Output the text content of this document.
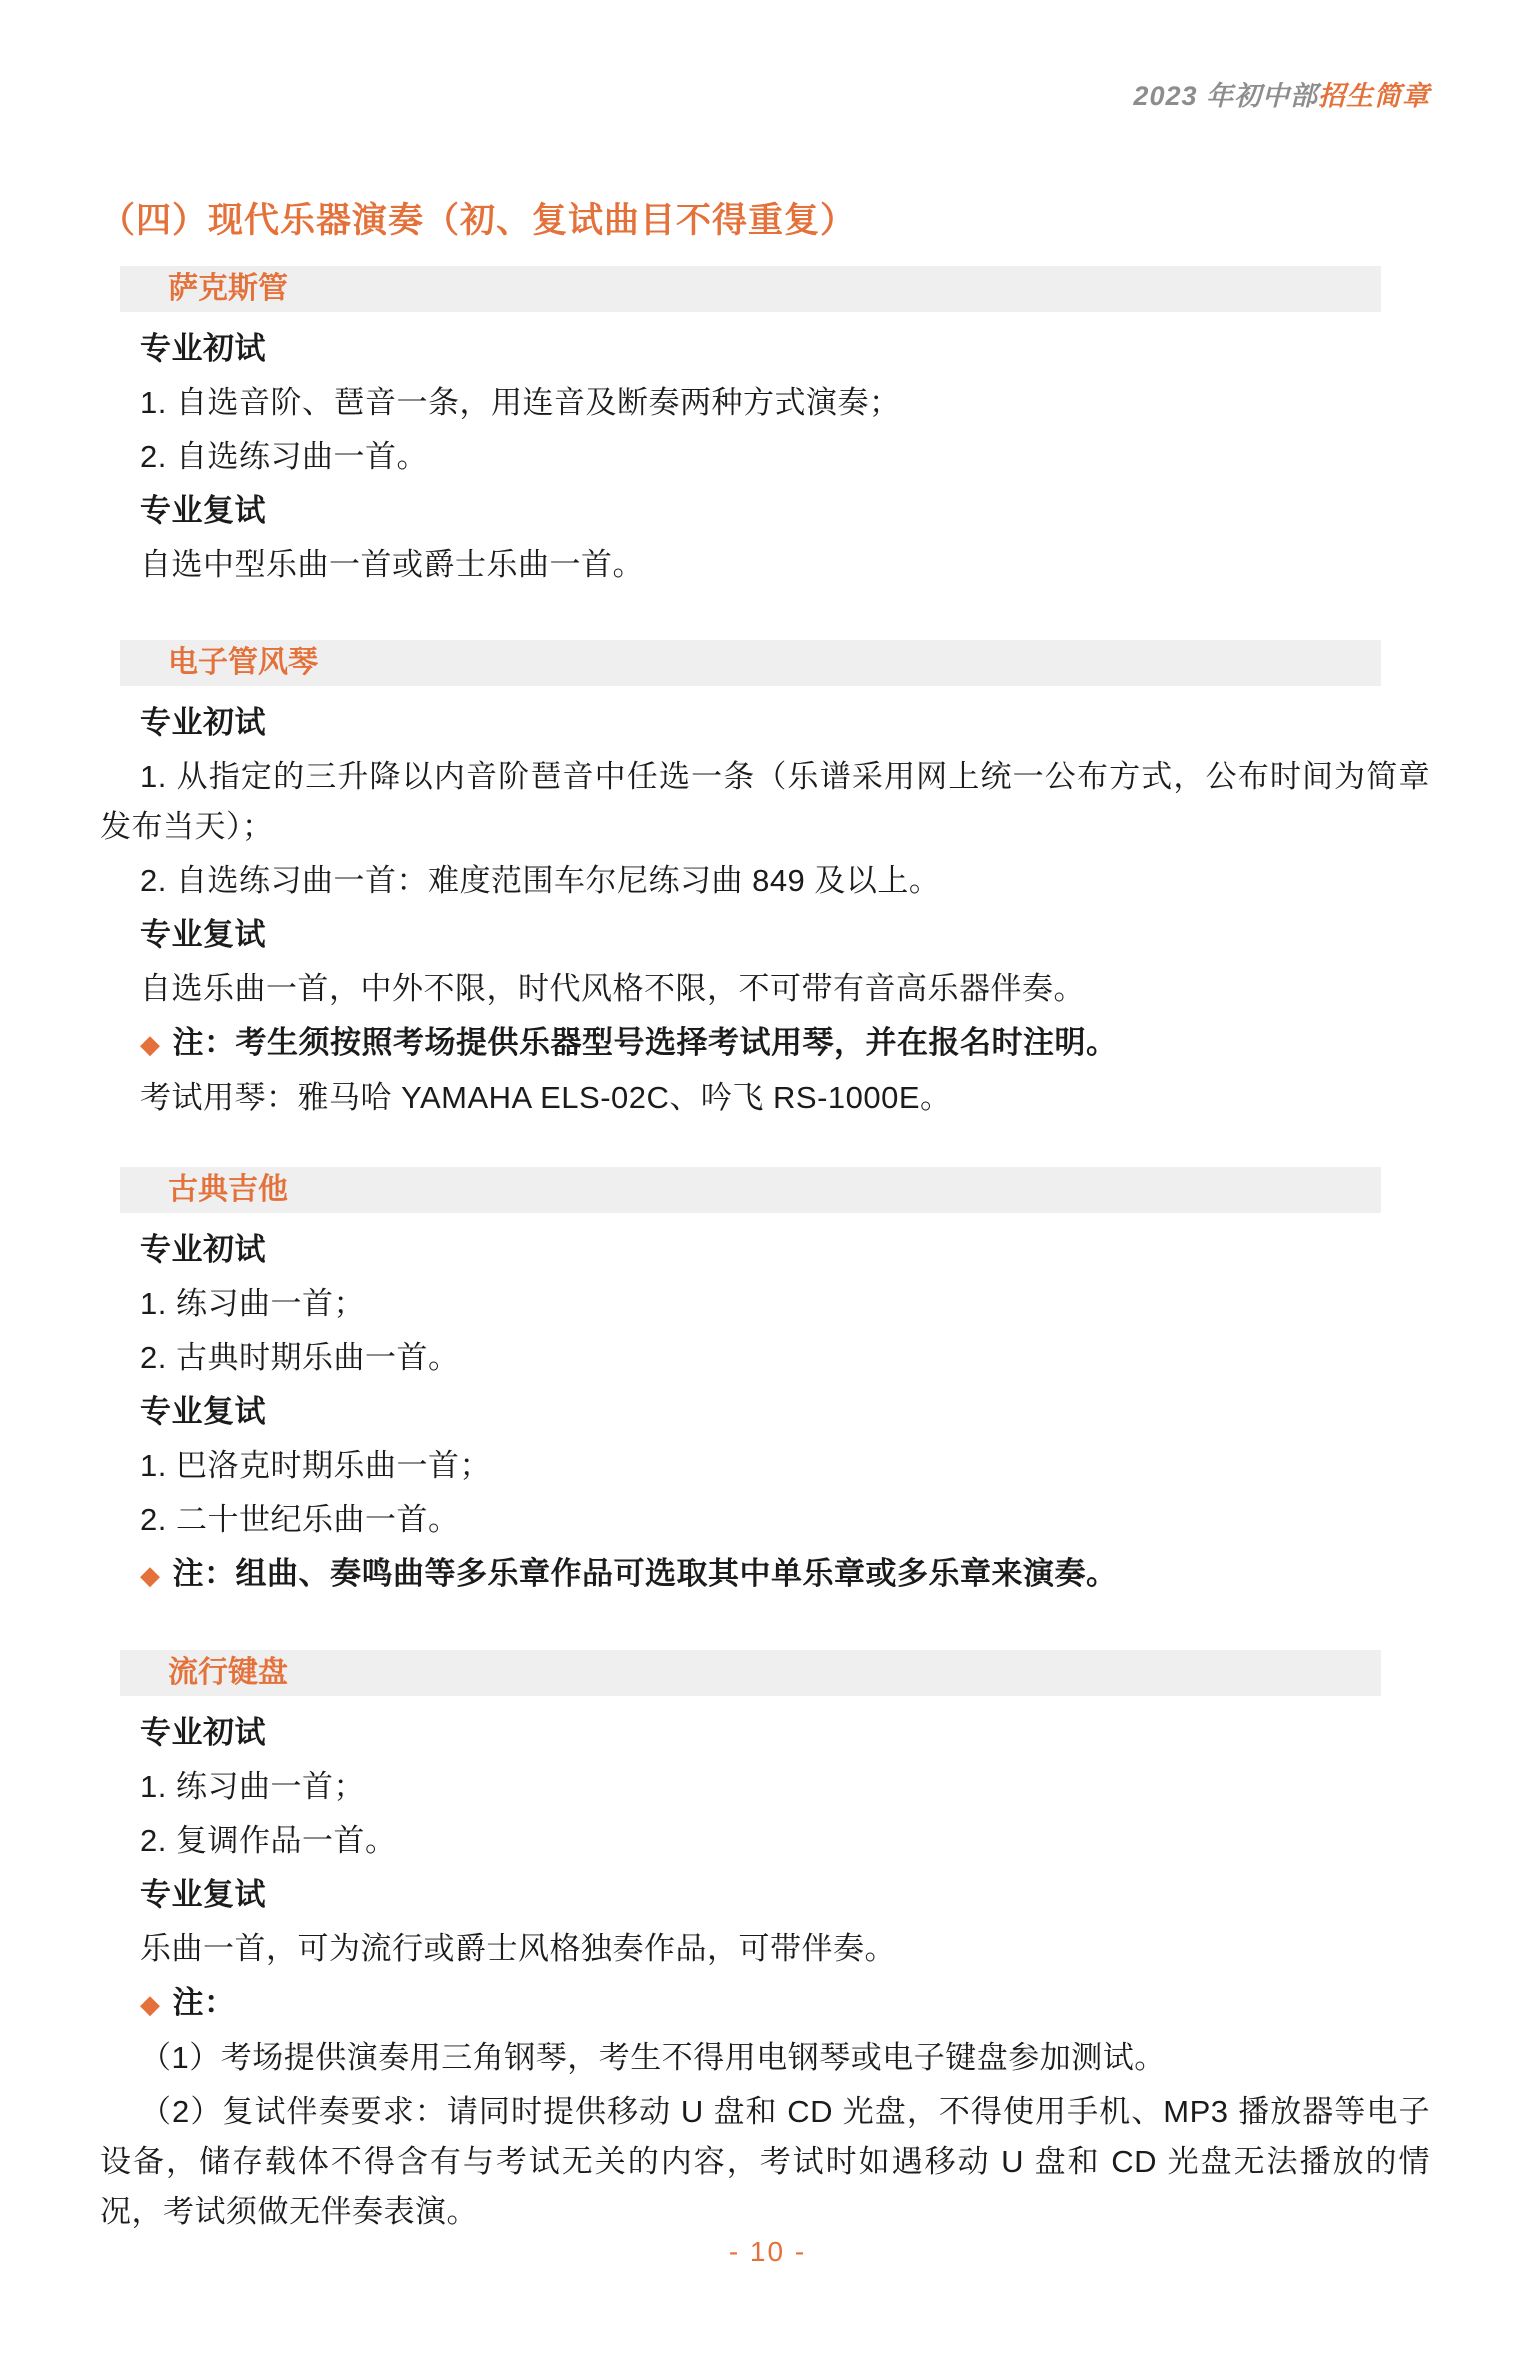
2023 年初中部招生简章
（四）现代乐器演奏（初、复试曲目不得重复）
萨克斯管

专业初试

1. 自选音阶、琶音一条，用连音及断奏两种方式演奏；

2. 自选练习曲一首。

专业复试

自选中型乐曲一首或爵士乐曲一首。

电子管风琴

专业初试

1. 从指定的三升降以内音阶琶音中任选一条（乐谱采用网上统一公布方式，公布时间为简章发布当天）；

2. 自选练习曲一首：难度范围车尔尼练习曲 849 及以上。

专业复试

自选乐曲一首，中外不限，时代风格不限，不可带有音高乐器伴奏。

◆ 注：考生须按照考场提供乐器型号选择考试用琴，并在报名时注明。

考试用琴：雅马哈 YAMAHA ELS-02C、吟飞 RS-1000E。

古典吉他

专业初试

1. 练习曲一首；

2. 古典时期乐曲一首。

专业复试

1. 巴洛克时期乐曲一首；

2. 二十世纪乐曲一首。

◆ 注：组曲、奏鸣曲等多乐章作品可选取其中单乐章或多乐章来演奏。

流行键盘

专业初试

1. 练习曲一首；

2. 复调作品一首。

专业复试

乐曲一首，可为流行或爵士风格独奏作品，可带伴奏。

◆ 注：

（1）考场提供演奏用三角钢琴，考生不得用电钢琴或电子键盘参加测试。

（2）复试伴奏要求：请同时提供移动 U 盘和 CD 光盘，不得使用手机、MP3 播放器等电子设备，储存载体不得含有与考试无关的内容，考试时如遇移动 U 盘和 CD 光盘无法播放的情况，考试须做无伴奏表演。

- 10 -
